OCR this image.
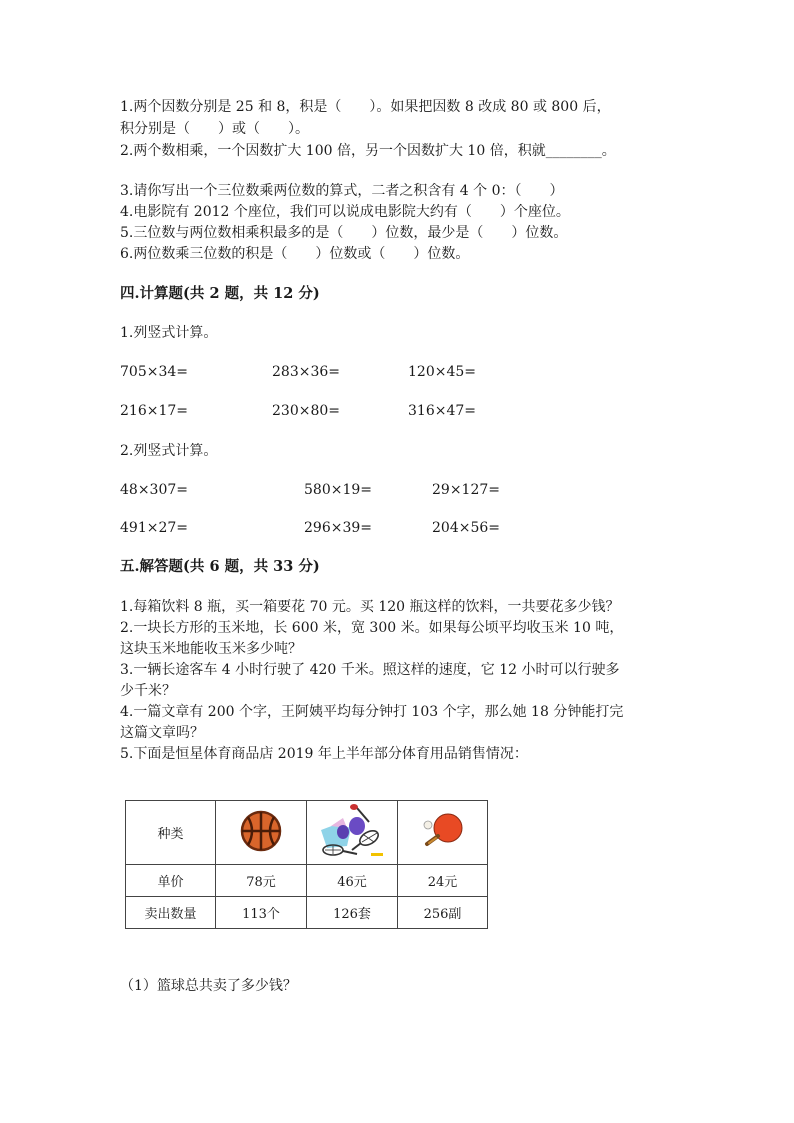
1.两个因数分别是 25 和 8，积是（　　）。如果把因数 8 改成 80 或 800 后，
积分别是（　　）或（　　）。
2.两个数相乘，一个因数扩大 100 倍，另一个因数扩大 10 倍，积就________。
3.请你写出一个三位数乘两位数的算式，二者之积含有 4 个 0：（　　）
4.电影院有 2012 个座位，我们可以说成电影院大约有（　　）个座位。
5.三位数与两位数相乘积最多的是（　　）位数，最少是（　　）位数。
6.两位数乘三位数的积是（　　）位数或（　　）位数。
四.计算题(共 2 题，共 12 分)
1.列竖式计算。
705×34=	283×36=	120×45=
216×17=	230×80=	316×47=
2.列竖式计算。
48×307=	580×19=	29×127=
491×27=	296×39=	204×56=
五.解答题(共 6 题，共 33 分)
1.每箱饮料 8 瓶，买一箱要花 70 元。买 120 瓶这样的饮料，一共要花多少钱？
2.一块长方形的玉米地，长 600 米，宽 300 米。如果每公顷平均收玉米 10 吨，
这块玉米地能收玉米多少吨？
3.一辆长途客车 4 小时行驶了 420 千米。照这样的速度，它 12 小时可以行驶多
少千米？
4.一篇文章有 200 个字，王阿姨平均每分钟打 103 个字，那么她 18 分钟能打完
这篇文章吗？
5.下面是恒星体育商品店 2019 年上半年部分体育用品销售情况：
种类			
单价	78元	46元	24元
卖出数量	113个	126套	256副
（1）篮球总共卖了多少钱？
